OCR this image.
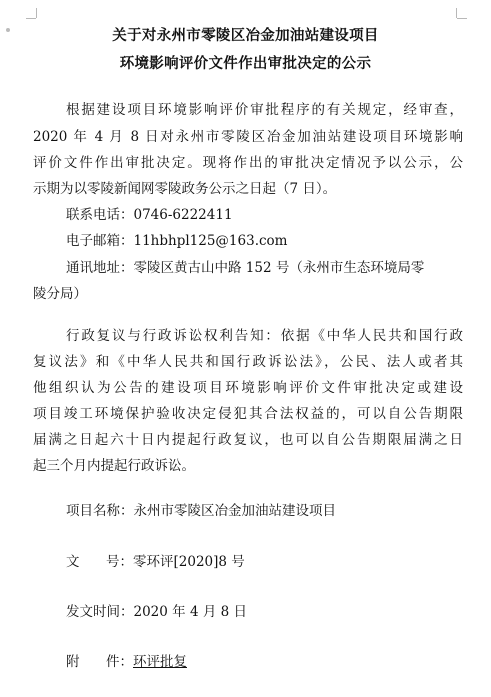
关于对永州市零陵区冶金加油站建设项目
环境影响评价文件作出审批决定的公示
根据建设项目环境影响评价审批程序的有关规定，经审查，
2020 年 4 月 8 日对永州市零陵区冶金加油站建设项目环境影响
评价文件作出审批决定。现将作出的审批决定情况予以公示，公
示期为以零陵新闻网零陵政务公示之日起（7 日）。
联系电话：0746-6222411
电子邮箱：11hbhpl125@163.com
通讯地址：零陵区黄古山中路 152 号（永州市生态环境局零
陵分局）
行政复议与行政诉讼权利告知：依据《中华人民共和国行政
复议法》和《中华人民共和国行政诉讼法》，公民、法人或者其
他组织认为公告的建设项目环境影响评价文件审批决定或建设
项目竣工环境保护验收决定侵犯其合法权益的，可以自公告期限
届满之日起六十日内提起行政复议，也可以自公告期限届满之日
起三个月内提起行政诉讼。
项目名称：永州市零陵区冶金加油站建设项目
文 号：零环评[2020]8 号
发文时间：2020 年 4 月 8 日
附 件：环评批复
